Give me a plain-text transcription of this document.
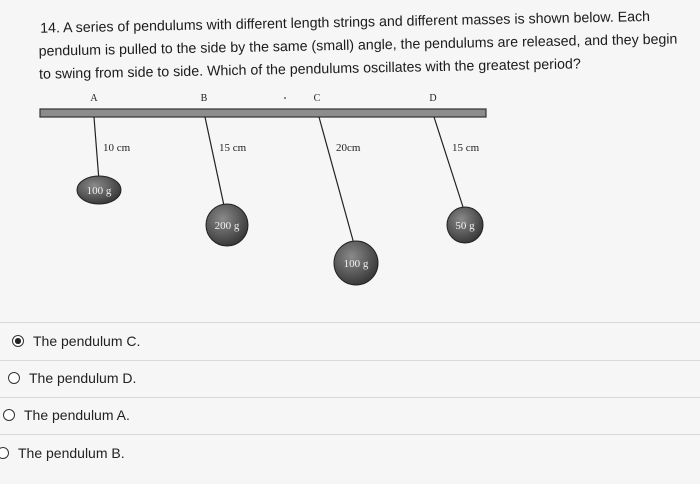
14. A series of pendulums with different length strings and different masses is shown below. Each
pendulum is pulled to the side by the same (small) angle, the pendulums are released, and they begin
to swing from side to side. Which of the pendulums oscillates with the greatest period?
A	B	C	D
10 cm	15 cm	20cm	15 cm
100 g
200 g
100 g
50 g
The pendulum C.
The pendulum D.
The pendulum A.
The pendulum B.
